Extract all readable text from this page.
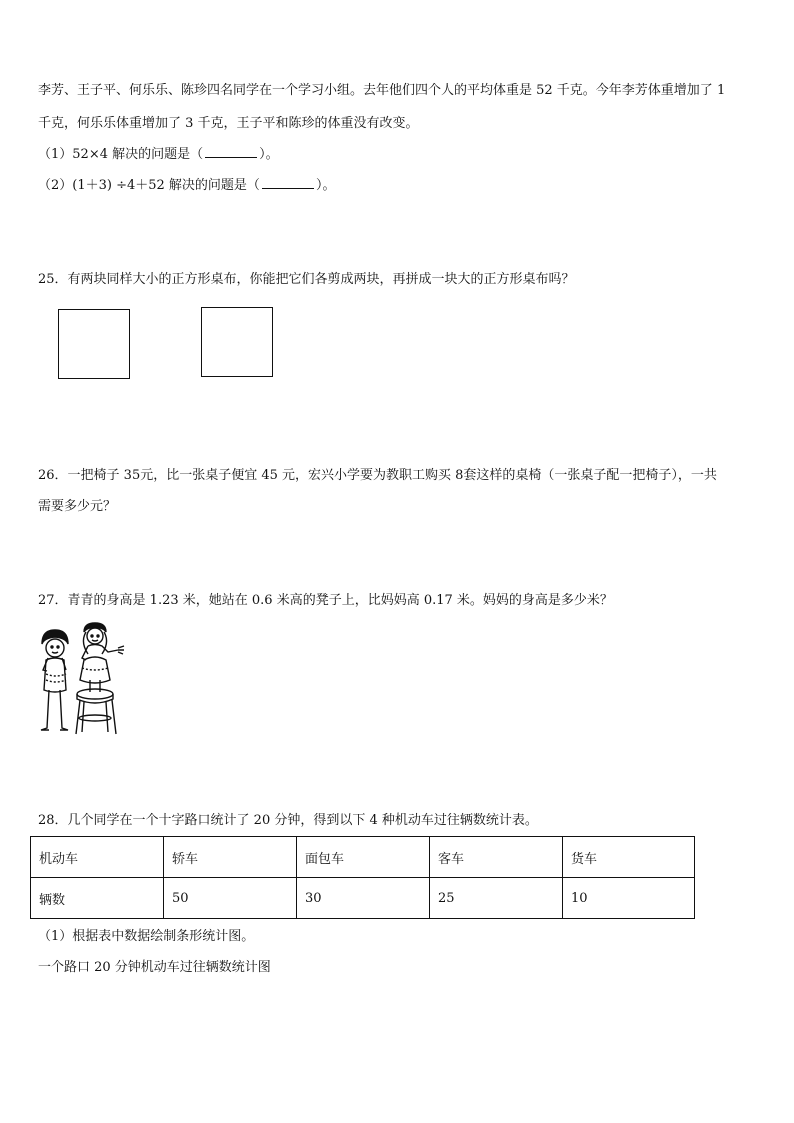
李芳、王子平、何乐乐、陈珍四名同学在一个学习小组。去年他们四个人的平均体重是 52 千克。今年李芳体重增加了 1
千克，何乐乐体重增加了 3 千克，王子平和陈珍的体重没有改变。
（1）52×4 解决的问题是（	）。
（2）(1＋3) ÷4＋52 解决的问题是（	）。
25．有两块同样大小的正方形桌布，你能把它们各剪成两块，再拼成一块大的正方形桌布吗？
26．一把椅子 35元，比一张桌子便宜 45 元，宏兴小学要为教职工购买 8套这样的桌椅（一张桌子配一把椅子），一共
需要多少元？
27．青青的身高是 1.23 米，她站在 0.6 米高的凳子上，比妈妈高 0.17 米。妈妈的身高是多少米？
28．几个同学在一个十字路口统计了 20 分钟，得到以下 4 种机动车过往辆数统计表。
机动车	轿车	面包车	客车	货车
辆数	50	30	25	10
（1）根据表中数据绘制条形统计图。
一个路口 20 分钟机动车过往辆数统计图
